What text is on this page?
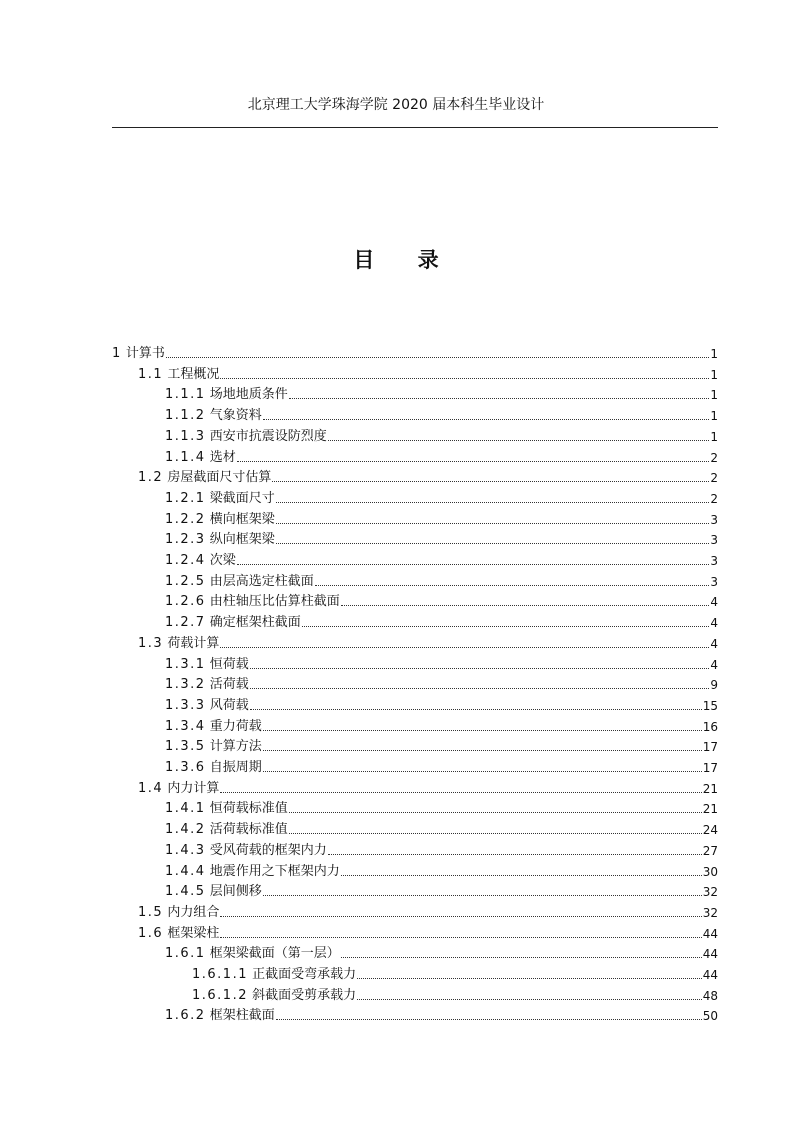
北京理工大学珠海学院 2020 届本科生毕业设计
目 录
1 计算书	1
1.1 工程概况	1
1.1.1 场地地质条件	1
1.1.2 气象资料	1
1.1.3 西安市抗震设防烈度	1
1.1.4 选材	2
1.2 房屋截面尺寸估算	2
1.2.1 梁截面尺寸	2
1.2.2 横向框架梁	3
1.2.3 纵向框架梁	3
1.2.4 次梁	3
1.2.5 由层高选定柱截面	3
1.2.6 由柱轴压比估算柱截面	4
1.2.7 确定框架柱截面	4
1.3 荷载计算	4
1.3.1 恒荷载	4
1.3.2 活荷载	9
1.3.3 风荷载	15
1.3.4 重力荷载	16
1.3.5 计算方法	17
1.3.6 自振周期	17
1.4 内力计算	21
1.4.1 恒荷载标准值	21
1.4.2 活荷载标准值	24
1.4.3 受风荷载的框架内力	27
1.4.4 地震作用之下框架内力	30
1.4.5 层间侧移	32
1.5 内力组合	32
1.6 框架梁柱	44
1.6.1 框架梁截面（第一层）	44
1.6.1.1 正截面受弯承载力	44
1.6.1.2 斜截面受剪承载力	48
1.6.2 框架柱截面	50
